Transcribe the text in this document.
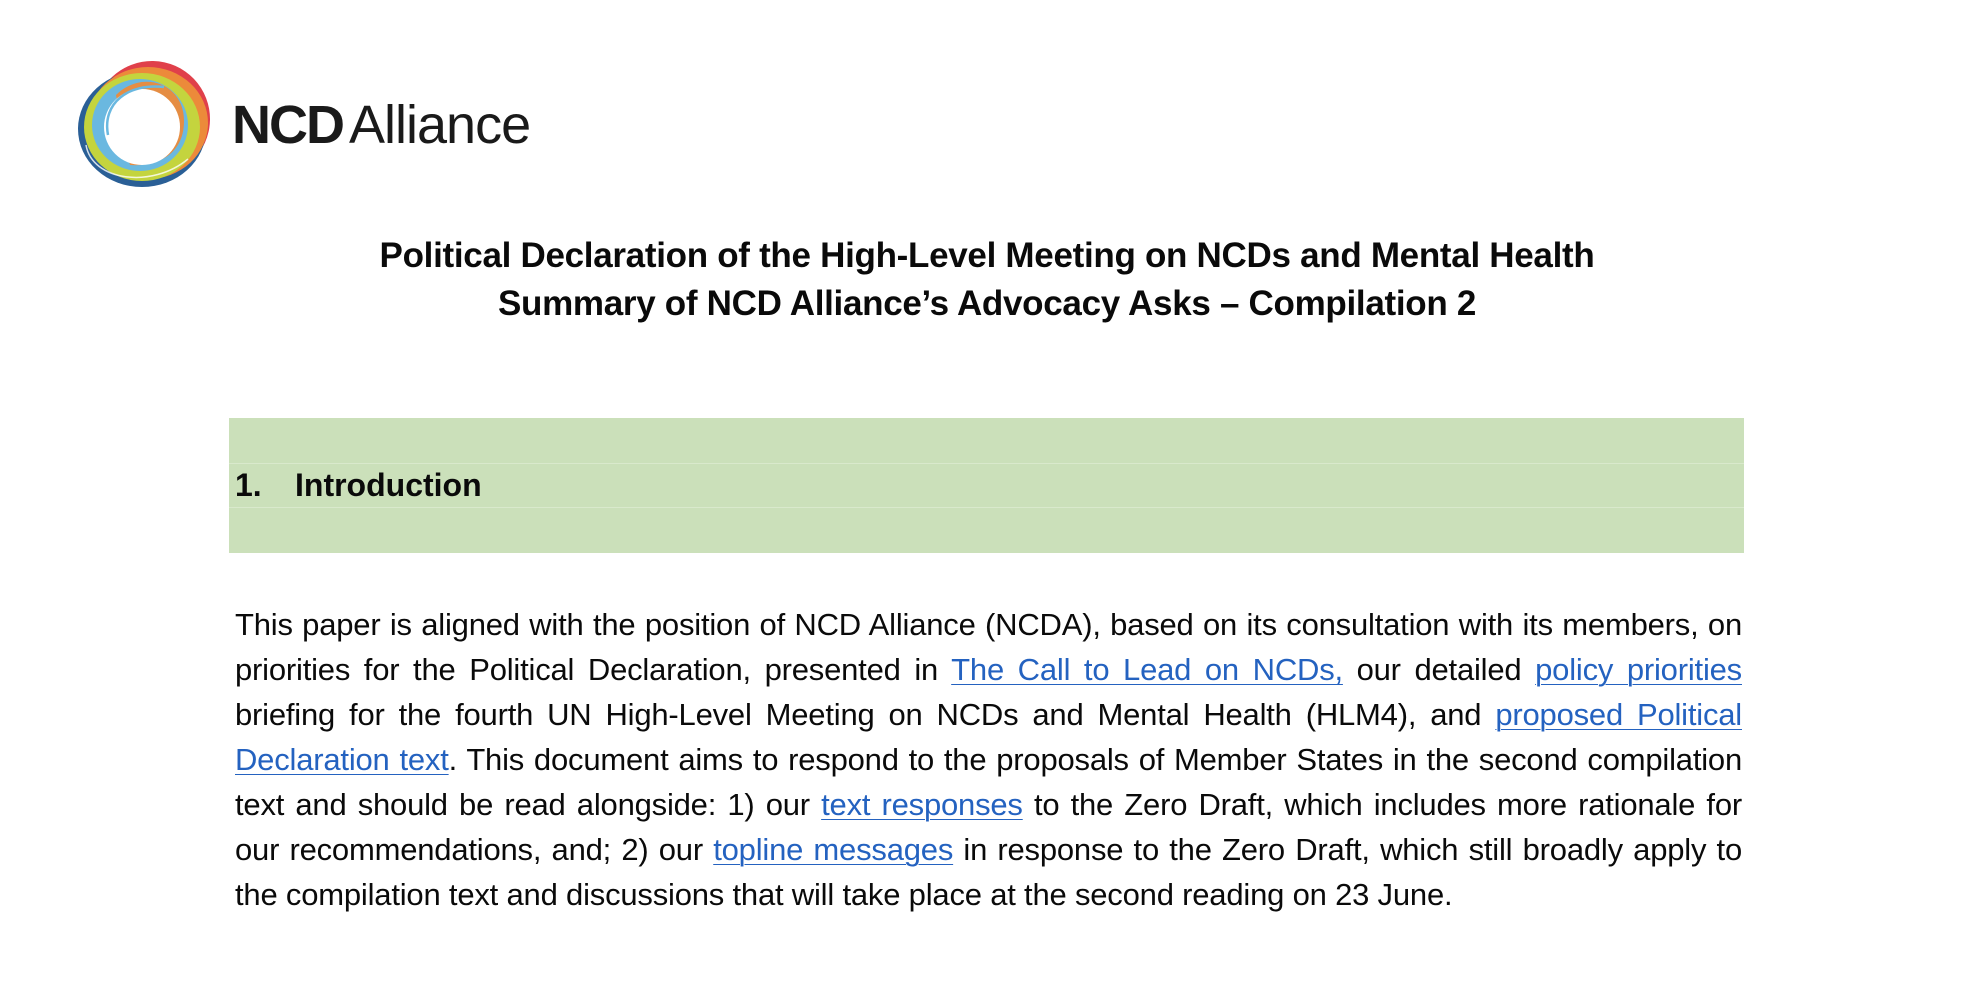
NCD Alliance
Political Declaration of the High-Level Meeting on NCDs and Mental Health
Summary of NCD Alliance’s Advocacy Asks – Compilation 2
1.	Introduction

This paper is aligned with the position of NCD Alliance (NCDA), based on its consultation with its members, on priorities for the Political Declaration, presented in The Call to Lead on NCDs, our detailed policy priorities briefing for the fourth UN High-Level Meeting on NCDs and Mental Health (HLM4), and proposed Political Declaration text. This document aims to respond to the proposals of Member States in the second compilation text and should be read alongside: 1) our text responses to the Zero Draft, which includes more rationale for our recommendations, and; 2) our topline messages in response to the Zero Draft, which still broadly apply to the compilation text and discussions that will take place at the second reading on 23 June.
